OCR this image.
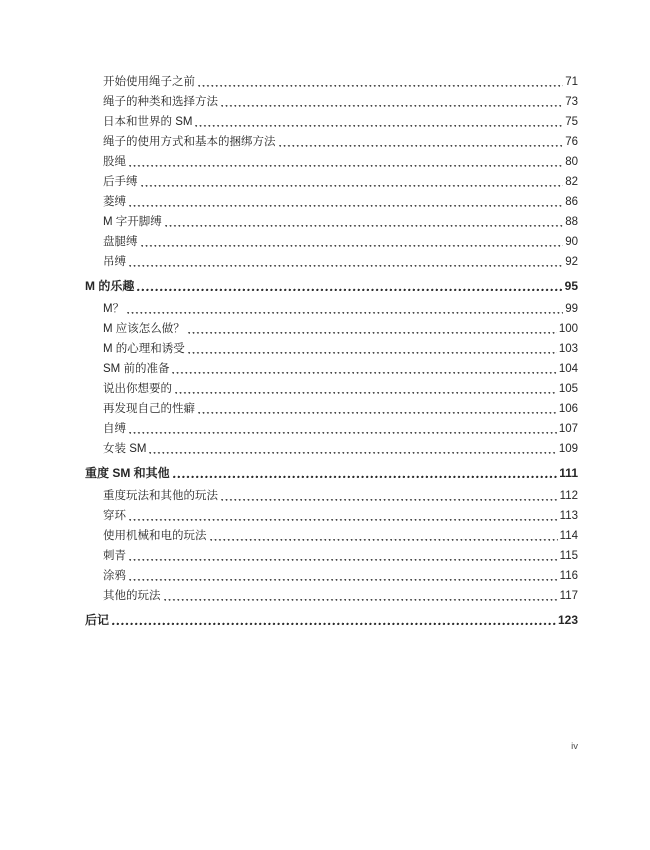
开始使用绳子之前	71
绳子的种类和选择方法	73
日本和世界的 SM	75
绳子的使用方式和基本的捆绑方法	76
股绳	80
后手缚	82
菱缚	86
M 字开脚缚	88
盘腿缚	90
吊缚	92
M 的乐趣	95
M？	99
M 应该怎么做？	100
M 的心理和诱受	103
SM 前的准备	104
说出你想要的	105
再发现自己的性癖	106
自缚	107
女装 SM	109
重度 SM 和其他	111
重度玩法和其他的玩法	112
穿环	113
使用机械和电的玩法	114
刺青	115
涂鸦	116
其他的玩法	117
后记	123
iv
